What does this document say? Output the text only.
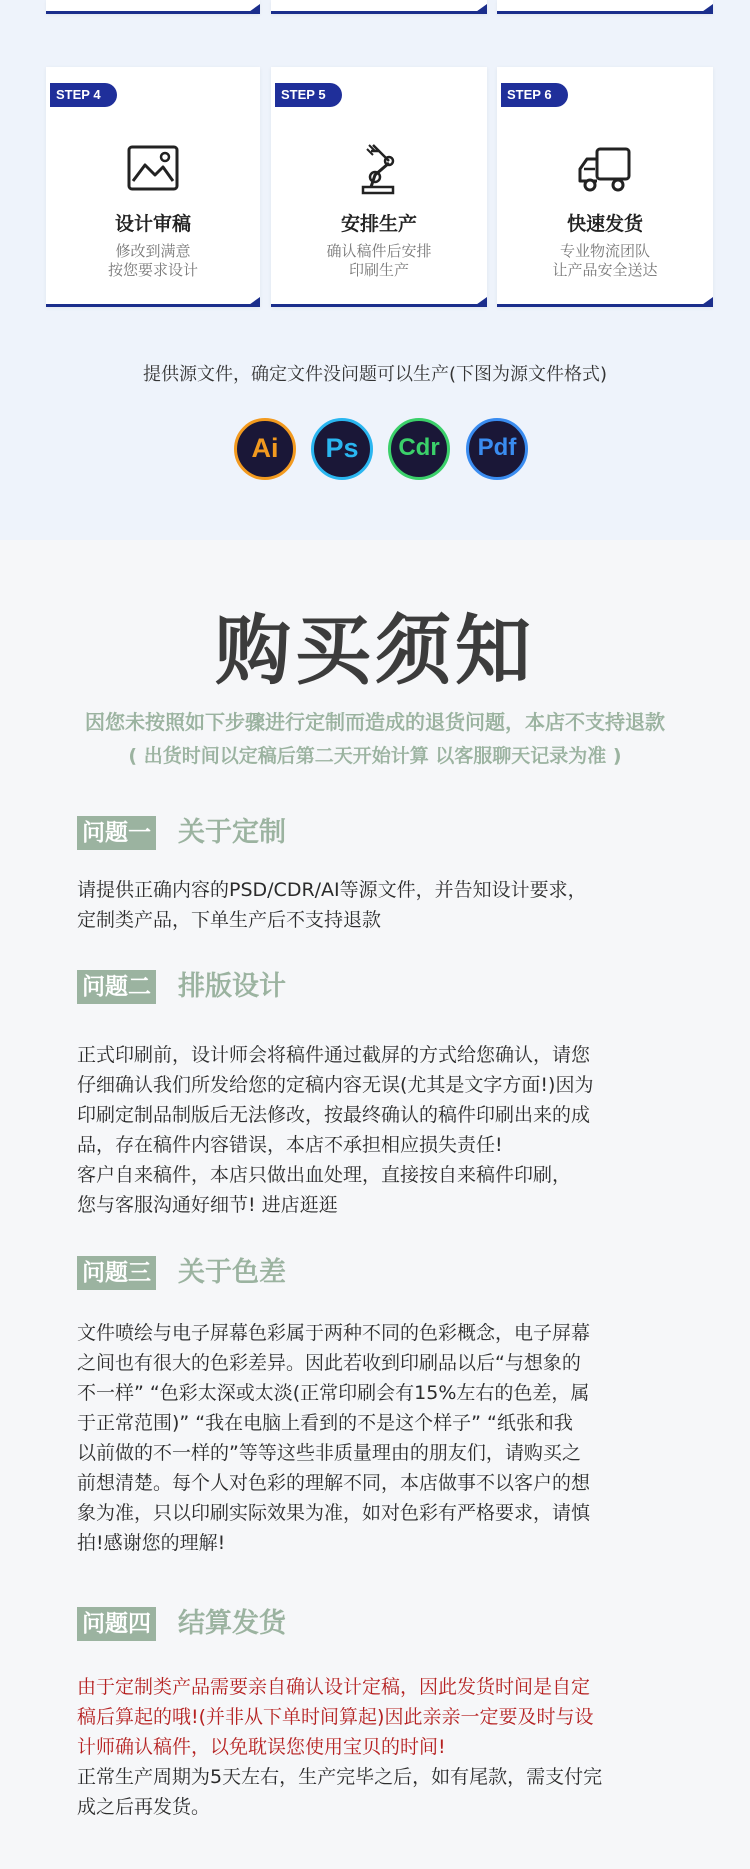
STEP 4
设计审稿
修改到满意
按您要求设计
STEP 5
安排生产
确认稿件后安排
印刷生产
STEP 6
快速发货
专业物流团队
让产品安全送达
提供源文件，确定文件没问题可以生产(下图为源文件格式)
Ai	Ps	Cdr	Pdf
购买须知
因您未按照如下步骤进行定制而造成的退货问题，本店不支持退款
( 出货时间以定稿后第二天开始计算 以客服聊天记录为准 )
问题一 关于定制
请提供正确内容的PSD/CDR/AI等源文件，并告知设计要求，
定制类产品，下单生产后不支持退款
问题二 排版设计
正式印刷前，设计师会将稿件通过截屏的方式给您确认，请您
仔细确认我们所发给您的定稿内容无误(尤其是文字方面!)因为
印刷定制品制版后无法修改，按最终确认的稿件印刷出来的成
品，存在稿件内容错误，本店不承担相应损失责任!
客户自来稿件，本店只做出血处理，直接按自来稿件印刷，
您与客服沟通好细节! 进店逛逛
问题三 关于色差
文件喷绘与电子屏幕色彩属于两种不同的色彩概念，电子屏幕
之间也有很大的色彩差异。因此若收到印刷品以后“与想象的
不一样” “色彩太深或太淡(正常印刷会有15%左右的色差，属
于正常范围)” “我在电脑上看到的不是这个样子” “纸张和我
以前做的不一样的”等等这些非质量理由的朋友们，请购买之
前想清楚。每个人对色彩的理解不同，本店做事不以客户的想
象为准，只以印刷实际效果为准，如对色彩有严格要求，请慎
拍!感谢您的理解!
问题四 结算发货
由于定制类产品需要亲自确认设计定稿，因此发货时间是自定
稿后算起的哦!(并非从下单时间算起)因此亲亲一定要及时与设
计师确认稿件，以免耽误您使用宝贝的时间!
正常生产周期为5天左右，生产完毕之后，如有尾款，需支付完
成之后再发货。
